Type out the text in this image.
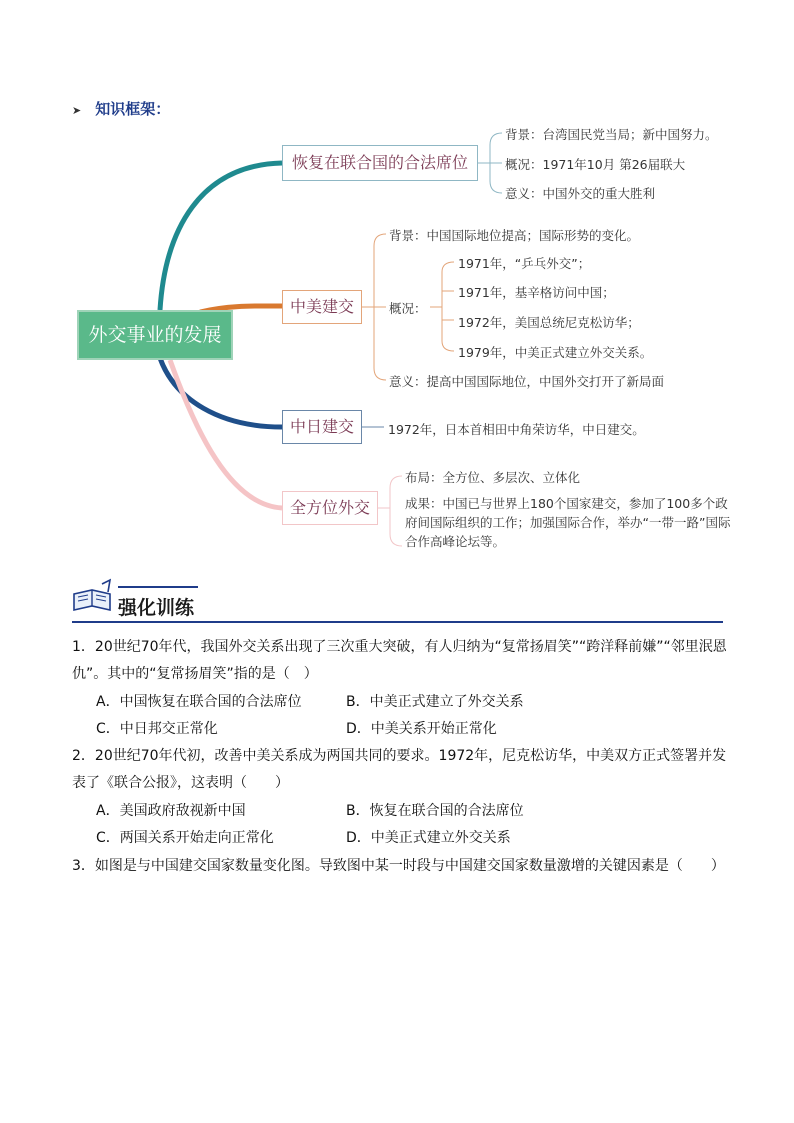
➤ 知识框架：
外交事业的发展
恢复在联合国的合法席位
背景：台湾国民党当局；新中国努力。
概况：1971年10月 第26届联大
意义：中国外交的重大胜利
中美建交
背景：中国国际地位提高；国际形势的变化。
概况：
1971年，“乒乓外交”；
1971年，基辛格访问中国；
1972年，美国总统尼克松访华；
1979年，中美正式建立外交关系。
意义：提高中国国际地位，中国外交打开了新局面
中日建交	1972年，日本首相田中角荣访华，中日建交。
全方位外交
布局：全方位、多层次、立体化
成果：中国已与世界上180个国家建交，参加了100多个政府间国际组织的工作；加强国际合作，举办“一带一路”国际合作高峰论坛等。
强化训练
1．20世纪70年代，我国外交关系出现了三次重大突破，有人归纳为“复常扬眉笑”“跨洋释前嫌”“邻里泯恩
仇”。其中的“复常扬眉笑”指的是（　）
A．中国恢复在联合国的合法席位	B．中美正式建立了外交关系
C．中日邦交正常化	D．中美关系开始正常化
2．20世纪70年代初，改善中美关系成为两国共同的要求。1972年，尼克松访华，中美双方正式签署并发
表了《联合公报》，这表明（　　）
A．美国政府敌视新中国	B．恢复在联合国的合法席位
C．两国关系开始走向正常化	D．中美正式建立外交关系
3．如图是与中国建交国家数量变化图。导致图中某一时段与中国建交国家数量激增的关键因素是（　　）
